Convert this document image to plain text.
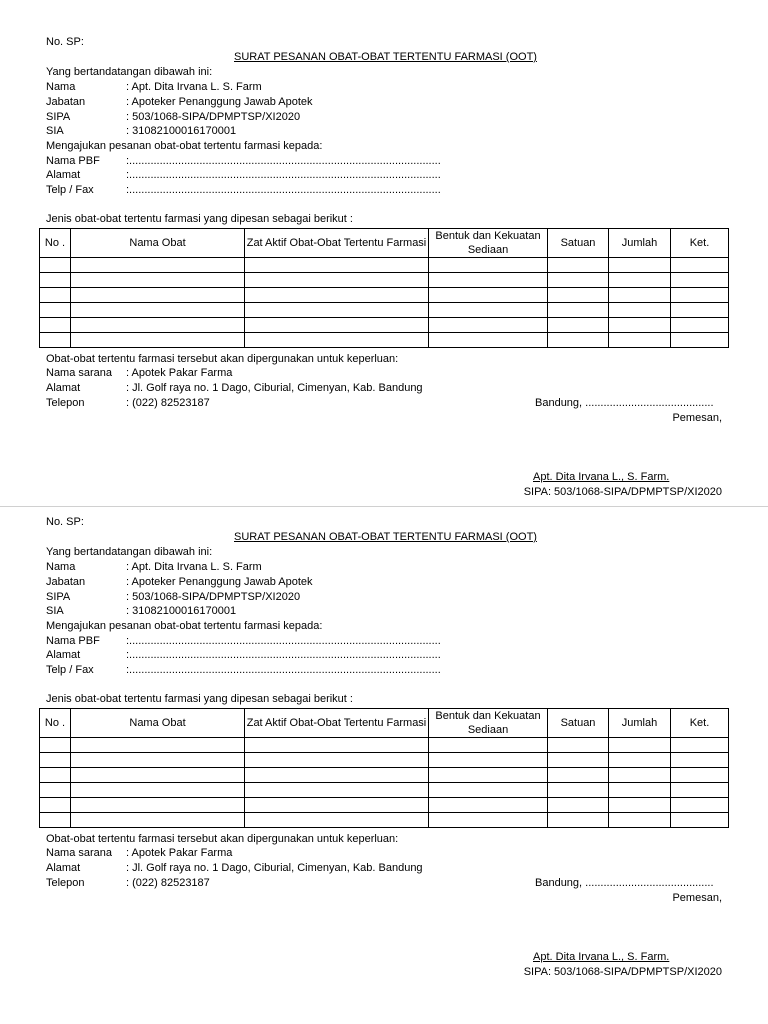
No. SP:
SURAT PESANAN OBAT-OBAT TERTENTU FARMASI (OOT)
Yang bertandatangan dibawah ini:
Nama	: Apt. Dita Irvana L. S. Farm
Jabatan	: Apoteker Penanggung Jawab Apotek
SIPA	: 503/1068-SIPA/DPMPTSP/XI2020
SIA	: 31082100016170001
Mengajukan pesanan obat-obat tertentu farmasi kepada:
Nama PBF :......................................................................................................
Alamat	:......................................................................................................
Telp / Fax	:......................................................................................................
Jenis obat-obat tertentu farmasi yang dipesan sebagai berikut :
No .	Nama Obat	Zat Aktif Obat-Obat Tertentu Farmasi	Bentuk dan Kekuatan Sediaan	Satuan	Jumlah	Ket.

Obat-obat tertentu farmasi tersebut akan dipergunakan untuk keperluan:
Nama sarana : Apotek Pakar Farma
Alamat	: Jl. Golf raya no. 1 Dago, Ciburial, Cimenyan, Kab. Bandung
Telepon	: (022) 82523187	Bandung, ..........................................
Pemesan,
Apt. Dita Irvana L., S. Farm.
SIPA: 503/1068-SIPA/DPMPTSP/XI2020
No. SP:
SURAT PESANAN OBAT-OBAT TERTENTU FARMASI (OOT)
Yang bertandatangan dibawah ini:
Nama	: Apt. Dita Irvana L. S. Farm
Jabatan	: Apoteker Penanggung Jawab Apotek
SIPA	: 503/1068-SIPA/DPMPTSP/XI2020
SIA	: 31082100016170001
Mengajukan pesanan obat-obat tertentu farmasi kepada:
Nama PBF :......................................................................................................
Alamat	:......................................................................................................
Telp / Fax	:......................................................................................................
Jenis obat-obat tertentu farmasi yang dipesan sebagai berikut :
No .	Nama Obat	Zat Aktif Obat-Obat Tertentu Farmasi	Bentuk dan Kekuatan Sediaan	Satuan	Jumlah	Ket.

Obat-obat tertentu farmasi tersebut akan dipergunakan untuk keperluan:
Nama sarana : Apotek Pakar Farma
Alamat	: Jl. Golf raya no. 1 Dago, Ciburial, Cimenyan, Kab. Bandung
Telepon	: (022) 82523187	Bandung, ..........................................
Pemesan,
Apt. Dita Irvana L., S. Farm.
SIPA: 503/1068-SIPA/DPMPTSP/XI2020
